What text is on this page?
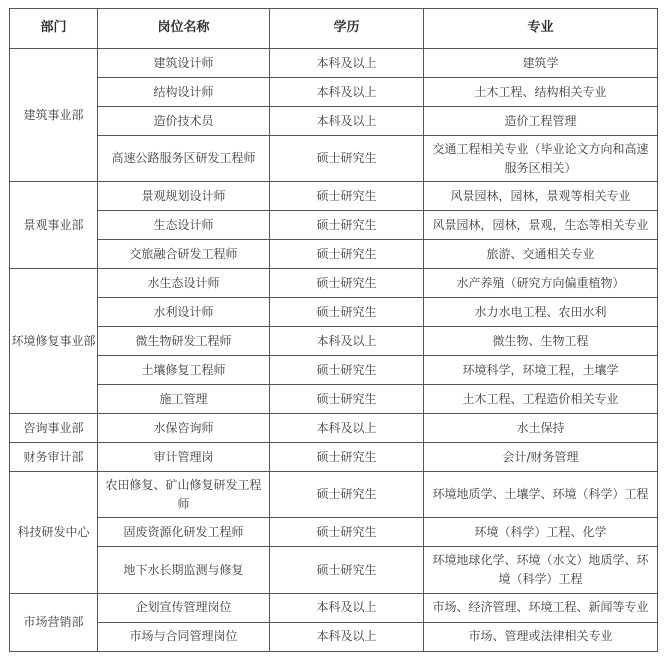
部门	岗位名称	学历	专业
建筑事业部	建筑设计师	本科及以上	建筑学
	结构设计师	本科及以上	土木工程、结构相关专业
	造价技术员	本科及以上	造价工程管理
	高速公路服务区研发工程师	硕士研究生	交通工程相关专业（毕业论文方向和高速服务区相关）
景观事业部	景观规划设计师	硕士研究生	风景园林，园林，景观等相关专业
	生态设计师	硕士研究生	风景园林，园林，景观，生态等相关专业
	交旅融合研发工程师	硕士研究生	旅游、交通相关专业
环境修复事业部	水生态设计师	硕士研究生	水产养殖（研究方向偏重植物）
	水利设计师	硕士研究生	水力水电工程、农田水利
	微生物研发工程师	本科及以上	微生物、生物工程
	土壤修复工程师	硕士研究生	环境科学，环境工程，土壤学
	施工管理	硕士研究生	土木工程、工程造价相关专业
咨询事业部	水保咨询师	本科及以上	水土保持
财务审计部	审计管理岗	硕士研究生	会计/财务管理
科技研发中心	农田修复、矿山修复研发工程师	硕士研究生	环境地质学、土壤学、环境（科学）工程
	固废资源化研发工程师	硕士研究生	环境（科学）工程、化学
	地下水长期监测与修复	硕士研究生	环境地球化学、环境（水文）地质学、环境（科学）工程
市场营销部	企划宣传管理岗位	本科及以上	市场、经济管理、环境工程、新闻等专业
	市场与合同管理岗位	本科及以上	市场、管理或法律相关专业
